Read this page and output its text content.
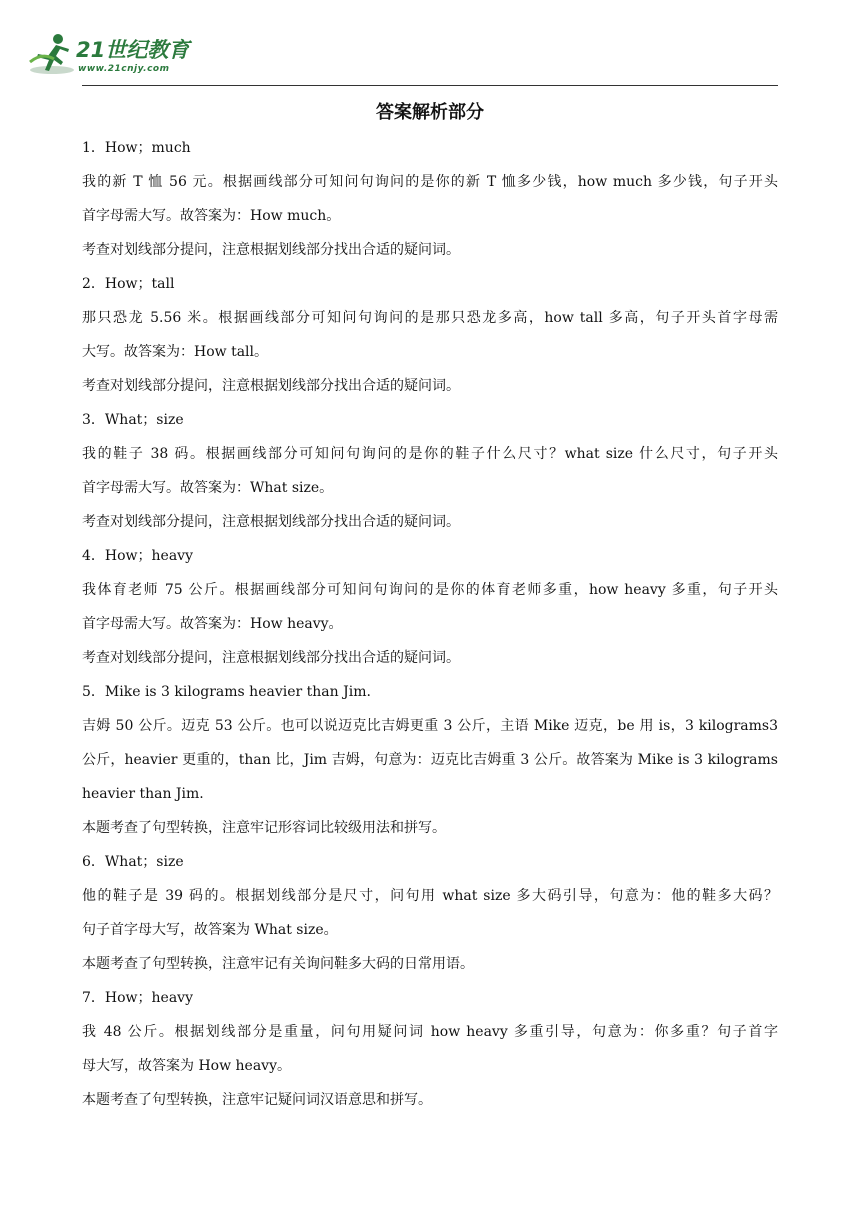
21世纪教育
www.21cnjy.com
答案解析部分
1．How；much
我的新 T 恤 56 元。根据画线部分可知问句询问的是你的新 T 恤多少钱，how much 多少钱，句子开头
首字母需大写。故答案为：How much。
考查对划线部分提问，注意根据划线部分找出合适的疑问词。
2．How；tall
那只恐龙 5.56 米。根据画线部分可知问句询问的是那只恐龙多高，how tall 多高，句子开头首字母需
大写。故答案为：How tall。
考查对划线部分提问，注意根据划线部分找出合适的疑问词。
3．What；size
我的鞋子 38 码。根据画线部分可知问句询问的是你的鞋子什么尺寸？what size 什么尺寸，句子开头
首字母需大写。故答案为：What size。
考查对划线部分提问，注意根据划线部分找出合适的疑问词。
4．How；heavy
我体育老师 75 公斤。根据画线部分可知问句询问的是你的体育老师多重，how heavy 多重，句子开头
首字母需大写。故答案为：How heavy。
考查对划线部分提问，注意根据划线部分找出合适的疑问词。
5．Mike is 3 kilograms heavier than Jim.
吉姆 50 公斤。迈克 53 公斤。也可以说迈克比吉姆更重 3 公斤，主语 Mike 迈克，be 用 is，3 kilograms3
公斤，heavier 更重的，than 比，Jim 吉姆，句意为：迈克比吉姆重 3 公斤。故答案为 Mike is 3 kilograms
heavier than Jim.
本题考查了句型转换，注意牢记形容词比较级用法和拼写。
6．What；size
他的鞋子是 39 码的。根据划线部分是尺寸，问句用 what size 多大码引导，句意为：他的鞋多大码？
句子首字母大写，故答案为 What size。
本题考查了句型转换，注意牢记有关询问鞋多大码的日常用语。
7．How；heavy
我 48 公斤。根据划线部分是重量，问句用疑问词 how heavy 多重引导，句意为：你多重？句子首字
母大写，故答案为 How heavy。
本题考查了句型转换，注意牢记疑问词汉语意思和拼写。
